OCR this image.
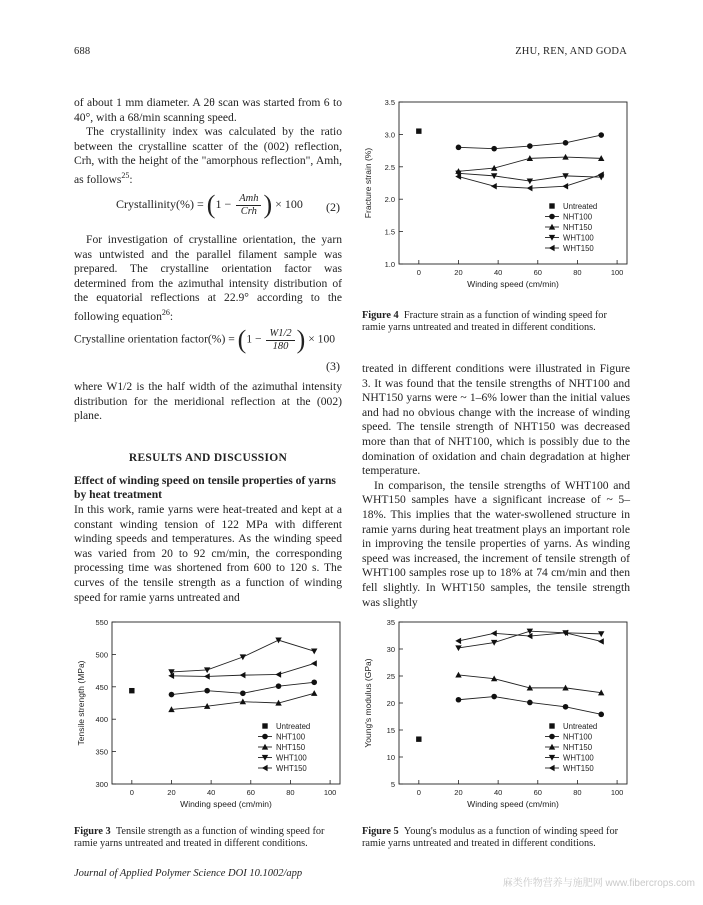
688	ZHU, REN, AND GODA

of about 1 mm diameter. A 2θ scan was started from 6 to 40°, with a 68/min scanning speed.

The crystallinity index was calculated by the ratio between the crystalline scatter of the (002) reflection, Crh, with the height of the "amorphous reflection", Amh, as follows$^{25}$:

Crystallinity(%) = ($1 - \frac{\text{Amh}}{\text{Crh}}$ ) × 100 (2)

For investigation of crystalline orientation, the yarn was untwisted and the parallel filament sample was prepared. The crystalline orientation factor was determined from the azimuthal intensity distribution of the equatorial reflections at 22.9° according to the following equation$^{26}$:

Crystalline orientation factor(%) = ($1 - \frac{W1/2}{180}$ ) × 100
(3)
where W1/2 is the half width of the azimuthal intensity distribution for the meridional reflection at the (002) plane.
RESULTS AND DISCUSSION
Effect of winding speed on tensile properties of yarns by heat treatment
In this work, ramie yarns were heat-treated and kept at a constant winding tension of 122 MPa with different winding speeds and temperatures. As the winding speed was varied from 20 to 92 cm/min, the corresponding processing time was shortened from 600 to 120 s. The curves of the tensile strength as a function of winding speed for ramie yarns untreated and

treated in different conditions were illustrated in Figure 3. It was found that the tensile strengths of NHT100 and NHT150 yarns were ~ 1–6% lower than the initial values and had no obvious change with the increase of winding speed. The tensile strength of NHT150 was decreased more than that of NHT100, which is possibly due to the domination of oxidation and chain degradation at higher temperature.

In comparison, the tensile strengths of WHT100 and WHT150 samples have a significant increase of ~ 5–18%. This implies that the water-swollened structure in ramie yarns during heat treatment plays an important role in improving the tensile properties of yarns. As winding speed was increased, the increment of tensile strength of WHT100 samples rose up to 18% at 74 cm/min and then fell slightly. In WHT150 samples, the tensile strength was slightly

1.0
1.5
2.0
2.5
3.0
3.5
0	20	40	60	80	100
Winding speed (cm/min)
Fracture strain (%)	Untreated
NHT100
NHT150
WHT100
WHT150
300
350
400
450
500
550
0	20	40	60	80	100
Winding speed (cm/min)
Tensile strength (MPa)	Untreated
NHT100
NHT150
WHT100
WHT150
5
10
15
20
25
30
35
0	20	40	60	80	100
Winding speed (cm/min)
Young's modulus (GPa)	Untreated
NHT100
NHT150
WHT100
WHT150
Figure 4 Fracture strain as a function of winding speed for ramie yarns untreated and treated in different conditions.
Figure 3 Tensile strength as a function of winding speed for ramie yarns untreated and treated in different conditions.
Figure 5 Young's modulus as a function of winding speed for ramie yarns untreated and treated in different conditions.
Journal of Applied Polymer Science DOI 10.1002/app
麻类作物营养与施肥网 www.fibercrops.com
